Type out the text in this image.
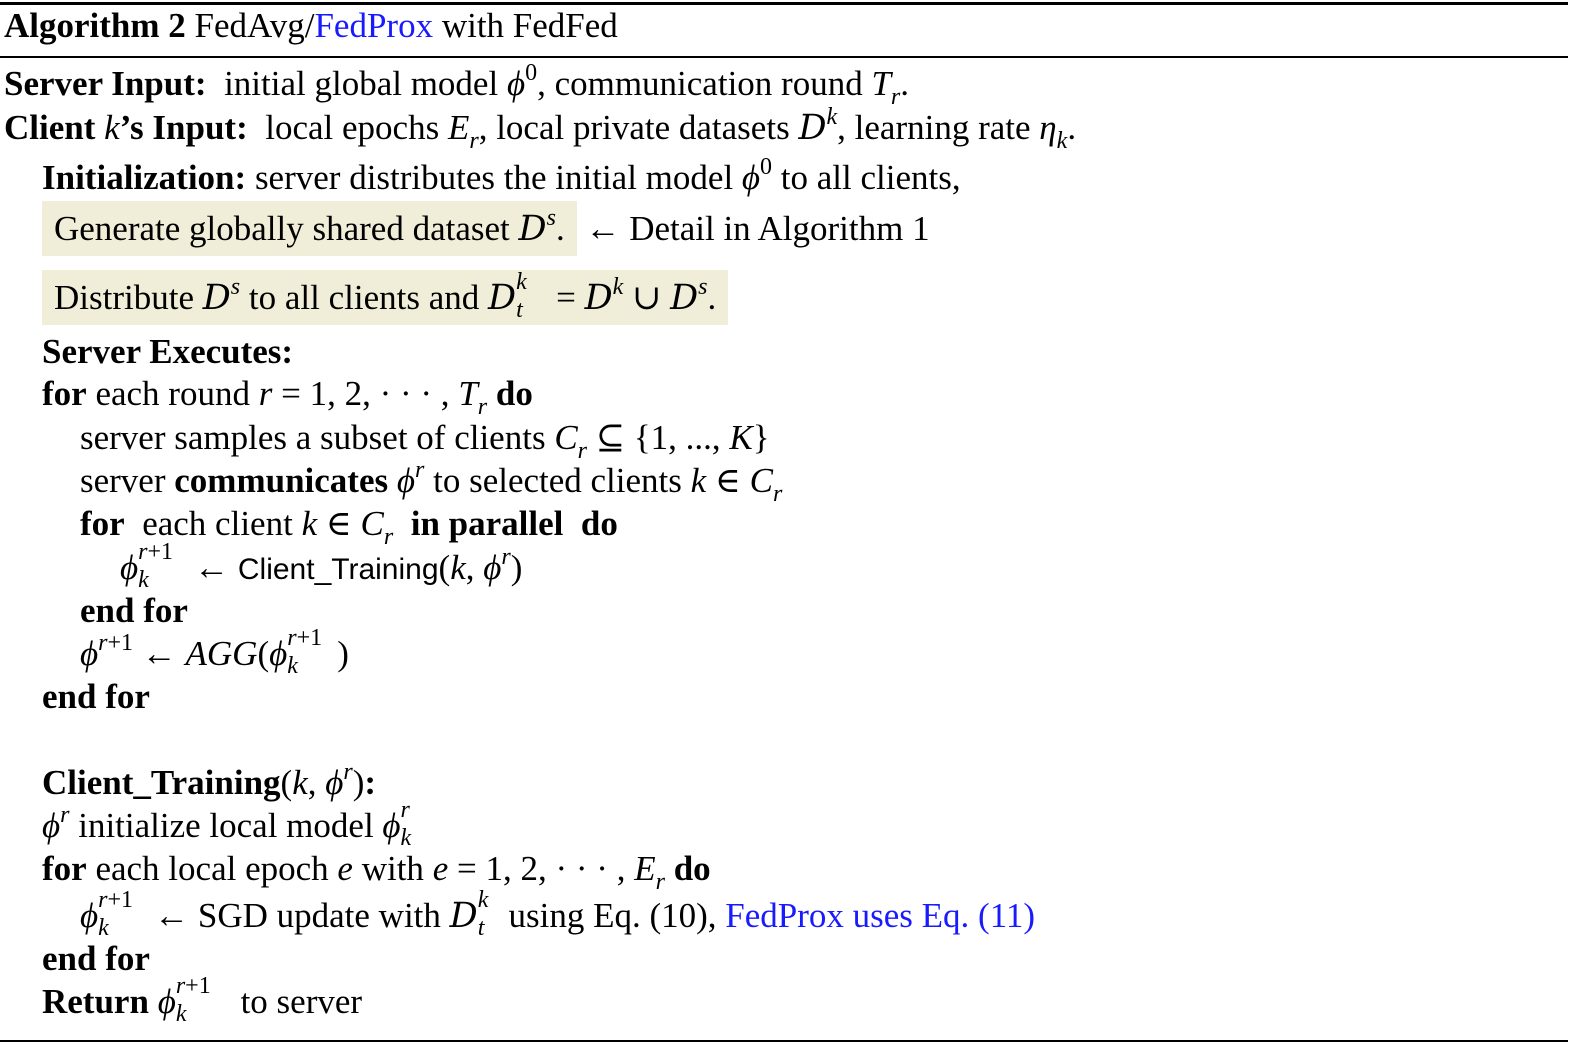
Algorithm 2 FedAvg/FedProx with FedFed
Server Input: initial global model $\phi^0$, communication round $T_r$.
Client k’s Input: local epochs $E_r$, local private datasets $D^k$, learning rate $\eta_k$.
Initialization: server distributes the initial model $\phi^0$ to all clients,
Generate globally shared dataset $D^s$. ← Detail in Algorithm 1
Distribute $D^s$ to all clients and D k
$t = D^k$ ∪ $D^s$.
Server Executes:
for each round r = 1, 2, · · · , $T_r$ do
server samples a subset of clients $C_r$ ⊆ {1, ..., K}
server communicates $\phi^r$ to selected clients k ∈ $C_r$
for each client k ∈ $C_r$ in parallel do
ϕ r+1
k ← Client_Training(k, $\phi^r$)
end for
$\phi^{r+1}$ ← AGG(ϕ r+1
k )
end for
Client_Training(k, $\phi^r$):
$\phi^r$ initialize local model ϕ r
k
for each local epoch e with e = 1, 2, · · · , $E_r$ do
ϕ r+1
k ← SGD update with D k
t using Eq. (10), FedProx uses Eq. (11)
end for
Return ϕ r+1
k to server
